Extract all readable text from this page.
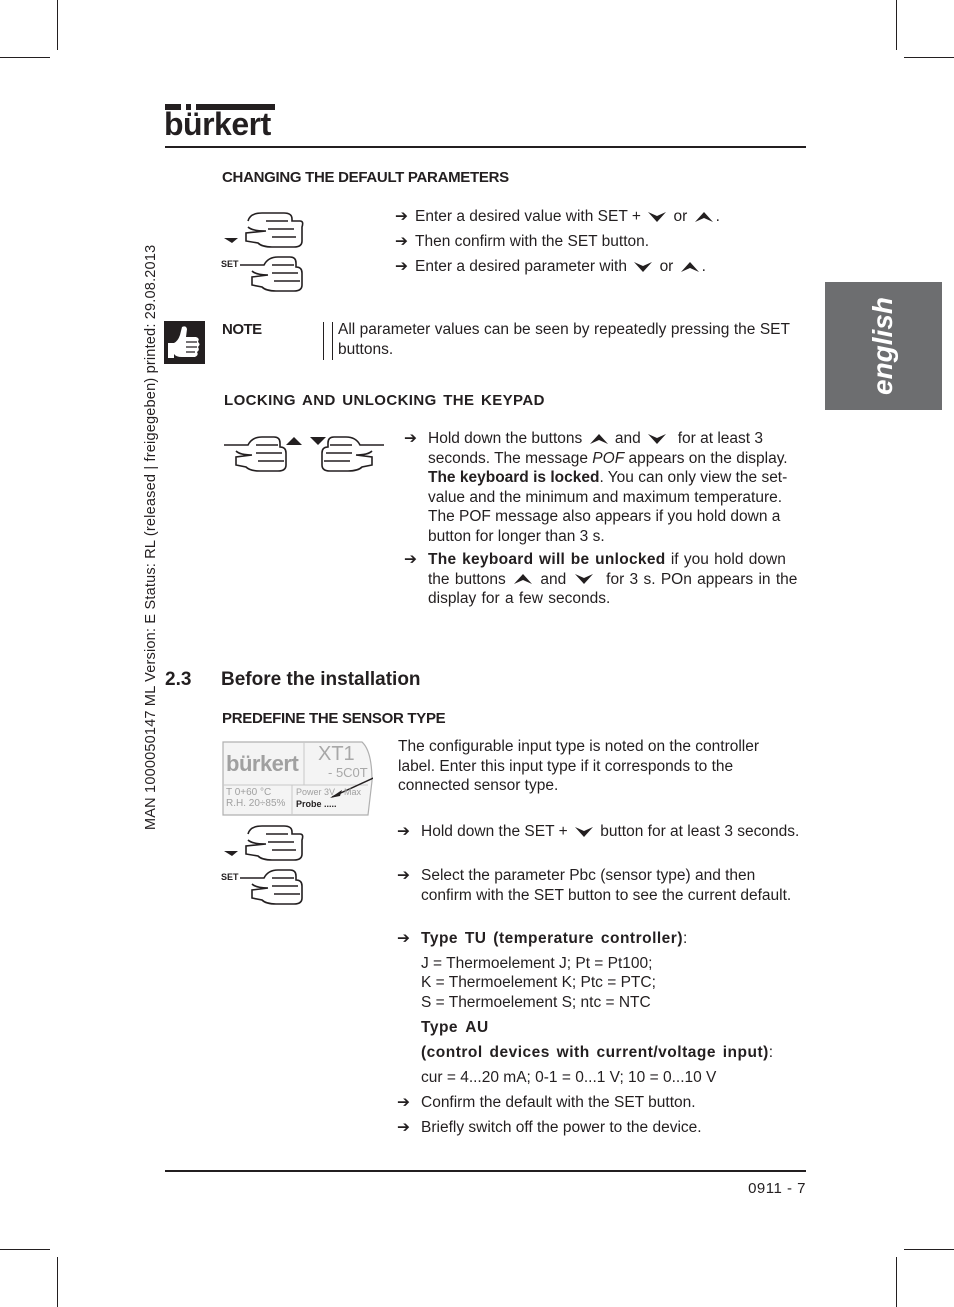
bürkert
english
MAN 1000050147 ML Version: E Status: RL (released | freigegeben) printed: 29.08.2013
CHANGING THE DEFAULT PARAMETERS
SET
➔ Enter a desired value with SET + or .
➔ Then confirm with the SET button.
➔ Enter a desired parameter with or .
NOTE	All parameter values can be seen by repeatedly pressing the SET buttons.
LOCKING AND UNLOCKING THE KEYPAD
➔ Hold down the buttons and for at least 3 seconds. The message POF appears on the display. The keyboard is locked. You can only view the set-value and the minimum and maximum temperature. The POF message also appears if you hold down a button for longer than 3 s.
➔ The keyboard will be unlocked if you hold down the buttons and	for 3 s. POn appears in the display for a few seconds.
2.3 Before the installation
PREDEFINE THE SENSOR TYPE
bürkert XT1
- 5C0T
T 0+60 °C
R.H. 20÷85%
Power 3V Max
Probe .....
The configurable input type is noted on the controller label. Enter this input type if it corresponds to the connected sensor type.
SET
➔ Hold down the SET + button for at least 3 seconds.
➔ Select the parameter Pbc (sensor type) and then confirm with the SET button to see the current default.
➔ Type TU (temperature controller):
J = Thermoelement J; Pt = Pt100;
K = Thermoelement K; Ptc = PTC;
S = Thermoelement S; ntc = NTC
Type AU
(control devices with current/voltage input):
cur = 4...20 mA; 0-1 = 0...1 V; 10 = 0...10 V
➔ Confirm the default with the SET button.
➔ Briefly switch off the power to the device.
0911 - 7
